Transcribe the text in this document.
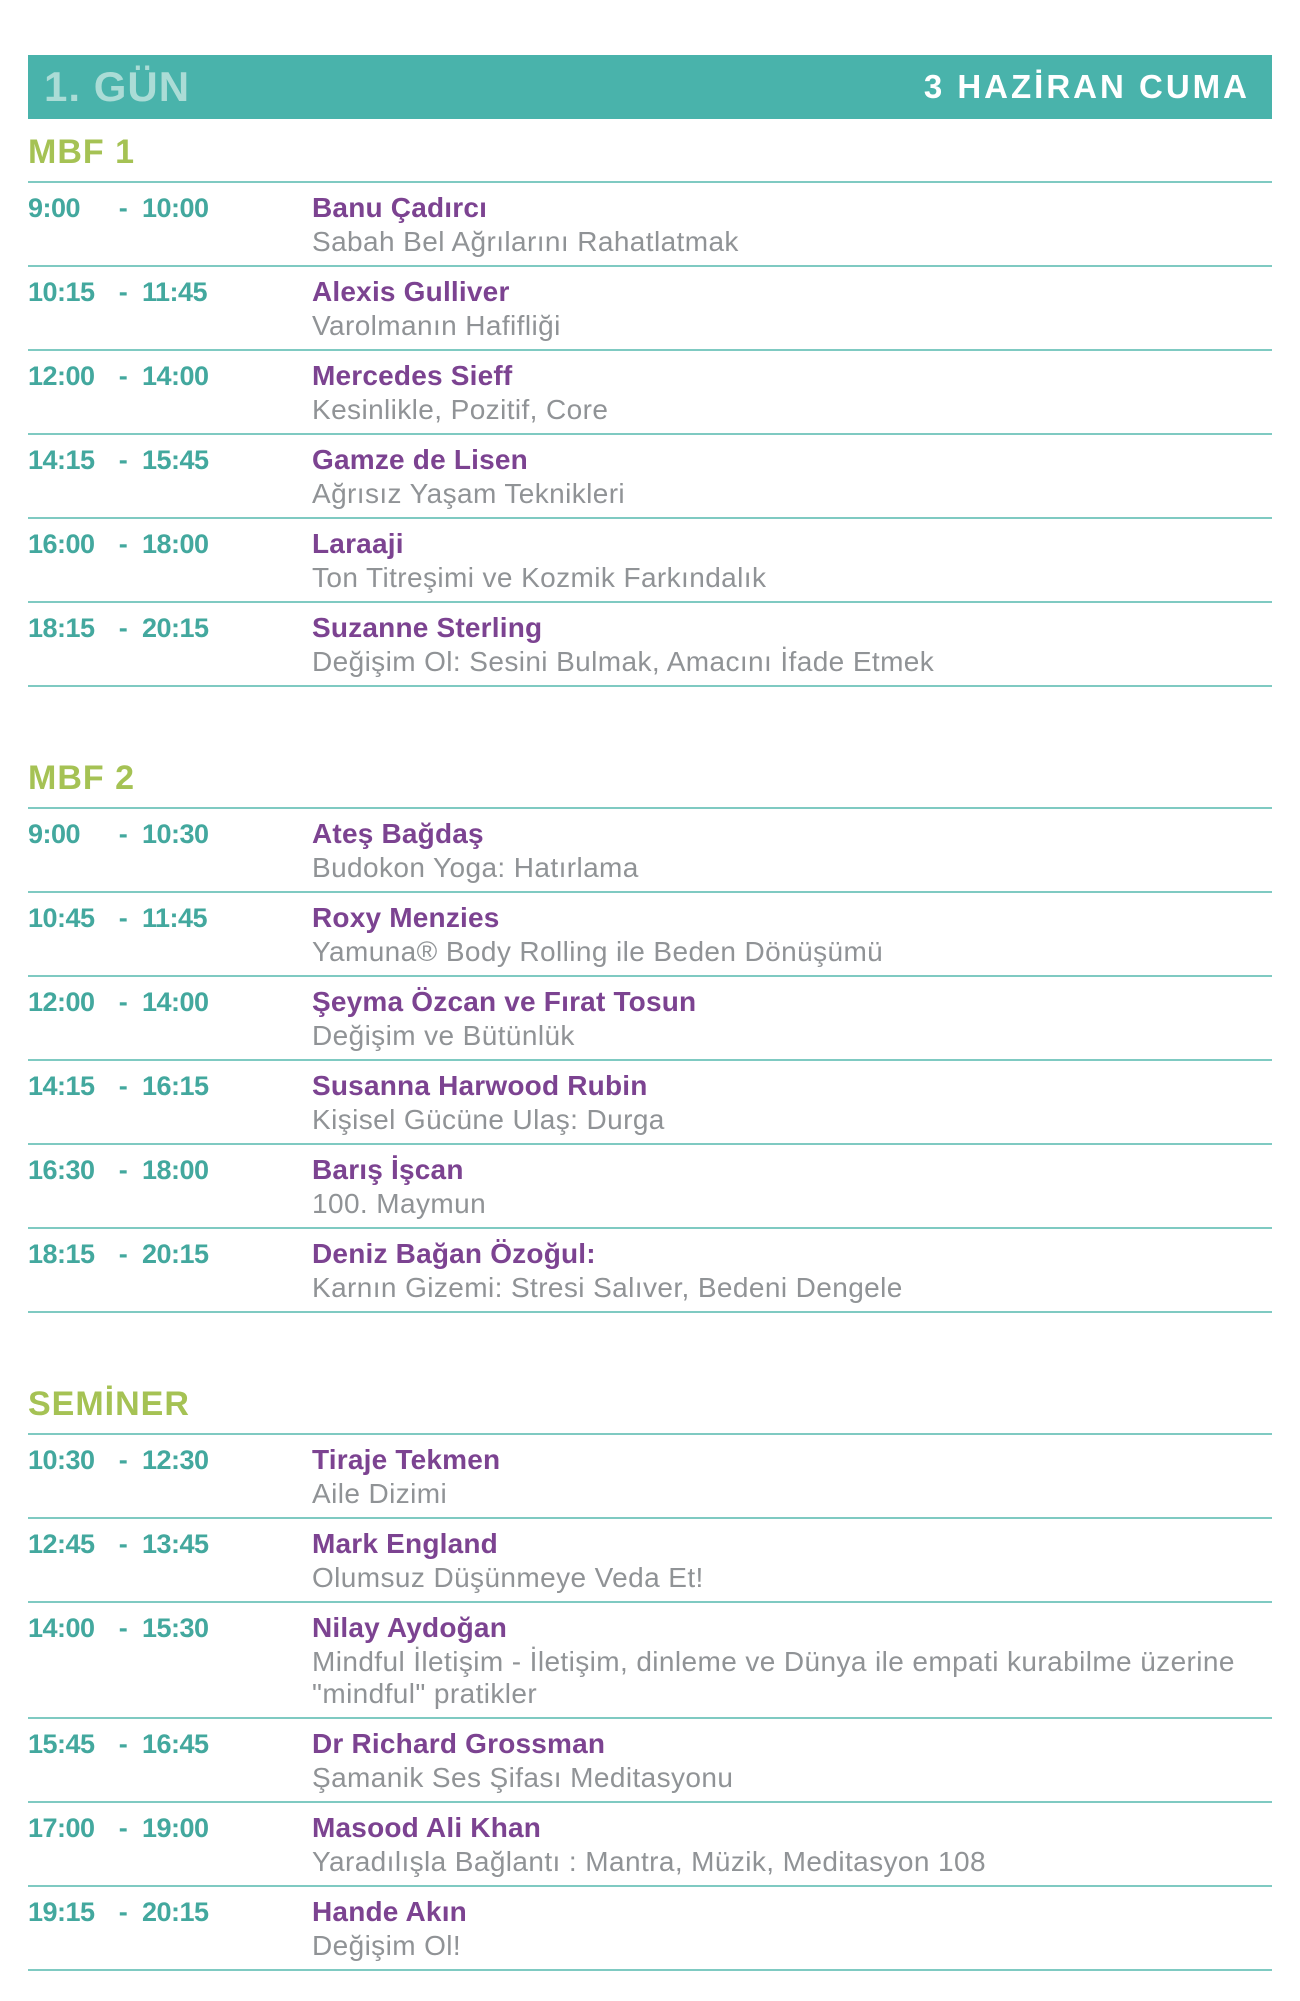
1. GÜN	3 HAZİRAN CUMA
MBF 1
9:00	- 10:00	Banu Çadırcı
Sabah Bel Ağrılarını Rahatlatmak
10:15 - 11:45	Alexis Gulliver
Varolmanın Hafifliği
12:00 - 14:00	Mercedes Sieff
Kesinlikle, Pozitif, Core
14:15 - 15:45	Gamze de Lisen
Ağrısız Yaşam Teknikleri
16:00 - 18:00	Laraaji
Ton Titreşimi ve Kozmik Farkındalık
18:15 - 20:15	Suzanne Sterling
Değişim Ol: Sesini Bulmak, Amacını İfade Etmek
MBF 2
9:00	- 10:30	Ateş Bağdaş
Budokon Yoga: Hatırlama
10:45 - 11:45	Roxy Menzies
Yamuna® Body Rolling ile Beden Dönüşümü
12:00 - 14:00	Şeyma Özcan ve Fırat Tosun
Değişim ve Bütünlük
14:15 - 16:15	Susanna Harwood Rubin
Kişisel Gücüne Ulaş: Durga
16:30 - 18:00	Barış İşcan
100. Maymun
18:15 - 20:15	Deniz Bağan Özoğul:
Karnın Gizemi: Stresi Salıver, Bedeni Dengele
SEMİNER
10:30 - 12:30	Tiraje Tekmen
Aile Dizimi
12:45 - 13:45	Mark England
Olumsuz Düşünmeye Veda Et!
14:00 - 15:30	Nilay Aydoğan
Mindful İletişim - İletişim, dinleme ve Dünya ile empati kurabilme üzerine "mindful" pratikler
15:45 - 16:45	Dr Richard Grossman
Şamanik Ses Şifası Meditasyonu
17:00 - 19:00	Masood Ali Khan
Yaradılışla Bağlantı : Mantra, Müzik, Meditasyon 108
19:15 - 20:15	Hande Akın
Değişim Ol!
